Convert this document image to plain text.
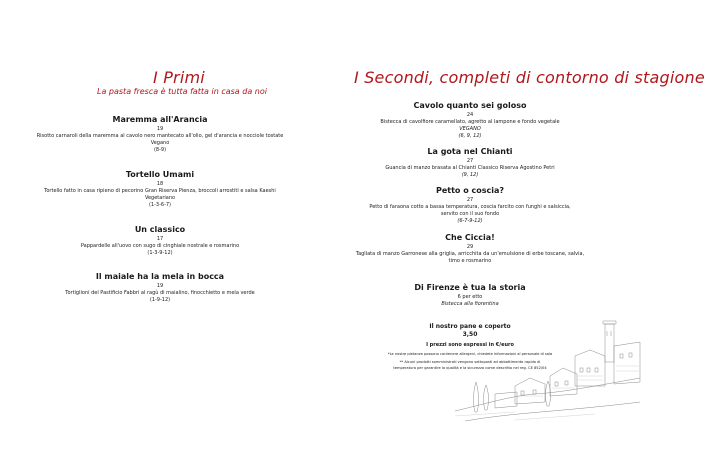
I Primi
La pasta fresca è tutta fatta in casa da noi
Maremma all'Arancia
19
Risotto carnaroli della maremma al cavolo nero mantecato all'olio, gel d'arancia e nocciole tostate
Vegano
(8-9)
Tortello Umami
18
Tortello fatto in casa ripieno di pecorino Gran Riserva Pienza, broccoli arrostiti e salsa Kaeshi
Vegetariano
(1-3-6-7)
Un classico
17
Pappardelle all'uovo con sugo di cinghiale nostrale e rosmarino
(1-3-9-12)
Il maiale ha la mela in bocca
19
Tortiglioni del Pastificio Fabbri al ragù di maialino, finocchietto e mela verde
(1-9-12)
I Secondi, completi di contorno di stagione
Cavolo quanto sei goloso
24
Bistecca di cavolfiore caramellato, agretto al lampone e fondo vegetale
VEGANO
(6, 9, 12)
La gota nel Chianti
27
Guancia di manzo brasata al Chianti Classico Riserva Agostino Petri
(9, 12)
Petto o coscia?
27
Petto di faraona cotto a bassa temperatura, coscia farcito con funghi e salsiccia,
servito con il suo fondo
(6-7-9-12)
Che Ciccia!
29
Tagliata di manzo Garronese alla griglia, arricchita da un'emulsione di erbe toscane, salvia,
timo e rosmarino
Di Firenze è tua la storia
6 per etto
Bistecca alla fiorentina
Il nostro pane e coperto
3,50
I prezzi sono espressi in €/euro
*Le nostre pietanze possono contenere allergeni, chiedete informazioni al personale di sala
** Alcuni prodotti somministrati vengono sottoposti ad abbattimento rapido di
temperatura per garantire la qualità e la sicurezza come descritto nel reg. CE 852/04
